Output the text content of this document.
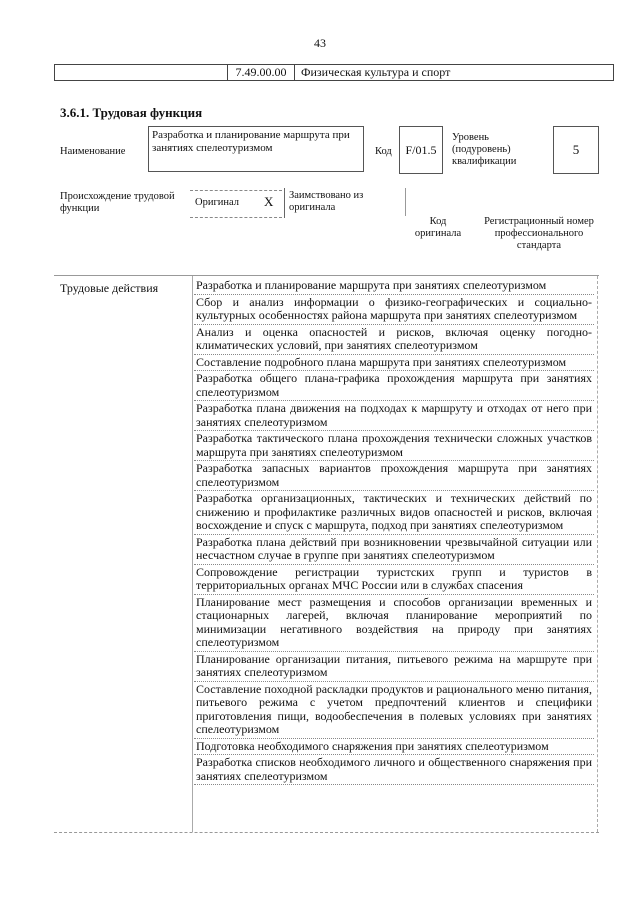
43
7.49.00.00	Физическая культура и спорт
3.6.1. Трудовая функция
Наименование
Разработка и планирование маршрута при занятиях спелеотуризмом	Код	F/01.5
Уровень (подуровень) квалификации
5
Происхождение трудовой функции
Оригинал X Заимствовано из оригинала
Код оригинала
Регистрационный номер профессионального стандарта
Трудовые действия	Разработка и планирование маршрута при занятиях спелеотуризмом
Сбор и анализ информации о физико-географических и социально-культурных особенностях района маршрута при занятиях спелеотуризмом
Анализ и оценка опасностей и рисков, включая оценку погодно-климатических условий, при занятиях спелеотуризмом
Составление подробного плана маршрута при занятиях спелеотуризмом
Разработка общего плана-графика прохождения маршрута при занятиях спелеотуризмом
Разработка плана движения на подходах к маршруту и отходах от него при занятиях спелеотуризмом
Разработка тактического плана прохождения технически сложных участков маршрута при занятиях спелеотуризмом
Разработка запасных вариантов прохождения маршрута при занятиях спелеотуризмом
Разработка организационных, тактических и технических действий по снижению и профилактике различных видов опасностей и рисков, включая восхождение и спуск с маршрута, подход при занятиях спелеотуризмом
Разработка плана действий при возникновении чрезвычайной ситуации или несчастном случае в группе при занятиях спелеотуризмом
Сопровождение регистрации туристских групп и туристов в территориальных органах МЧС России или в службах спасения
Планирование мест размещения и способов организации временных и стационарных лагерей, включая планирование мероприятий по минимизации негативного воздействия на природу при занятиях спелеотуризмом
Планирование организации питания, питьевого режима на маршруте при занятиях спелеотуризмом
Составление походной раскладки продуктов и рационального меню питания, питьевого режима с учетом предпочтений клиентов и специфики приготовления пищи, водообеспечения в полевых условиях при занятиях спелеотуризмом
Подготовка необходимого снаряжения при занятиях спелеотуризмом
Разработка списков необходимого личного и общественного снаряжения при занятиях спелеотуризмом
